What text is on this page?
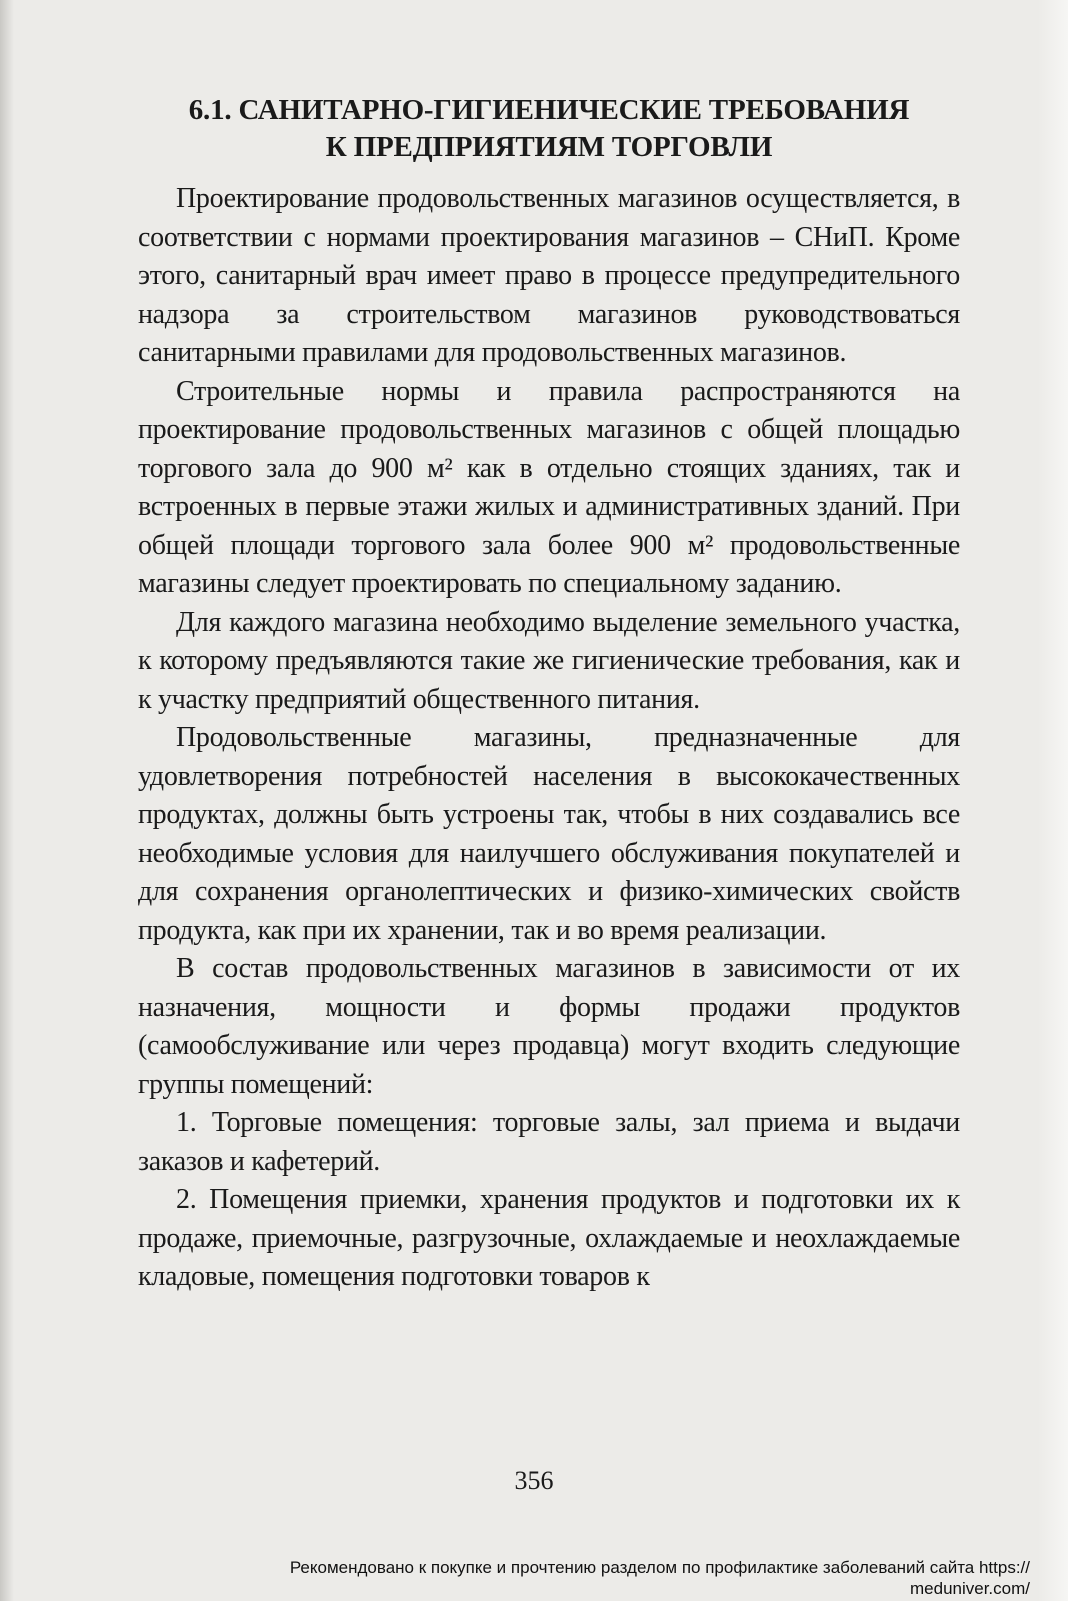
6.1. САНИТАРНО-ГИГИЕНИЧЕСКИЕ ТРЕБОВАНИЯ
К ПРЕДПРИЯТИЯМ ТОРГОВЛИ

Проектирование продовольственных магазинов осуществляется, в соответствии с нормами проектирования магазинов – СНиП. Кроме этого, санитарный врач имеет право в процессе предупредительного надзора за строительством магазинов руководствоваться санитарными правилами для продовольственных магазинов.

Строительные нормы и правила распространяются на проектирование продовольственных магазинов с общей площадью торгового зала до 900 м² как в отдельно стоящих зданиях, так и встроенных в первые этажи жилых и административных зданий. При общей площади торгового зала более 900 м² продовольственные магазины следует проектировать по специальному заданию.

Для каждого магазина необходимо выделение земельного участка, к которому предъявляются такие же гигиенические требования, как и к участку предприятий общественного питания.

Продовольственные магазины, предназначенные для удовлетворения потребностей населения в высококачественных продуктах, должны быть устроены так, чтобы в них создавались все необходимые условия для наилучшего обслуживания покупателей и для сохранения органолептических и физико-химических свойств продукта, как при их хранении, так и во время реализации.

В состав продовольственных магазинов в зависимости от их назначения, мощности и формы продажи продуктов (самообслуживание или через продавца) могут входить следующие группы помещений:

1. Торговые помещения: торговые залы, зал приема и выдачи заказов и кафетерий.

2. Помещения приемки, хранения продуктов и подготовки их к продаже, приемочные, разгрузочные, охлаждаемые и неохлаждаемые кладовые, помещения подготовки товаров к

356
Рекомендовано к покупке и прочтению разделом по профилактике заболеваний сайта https://
meduniver.com/
